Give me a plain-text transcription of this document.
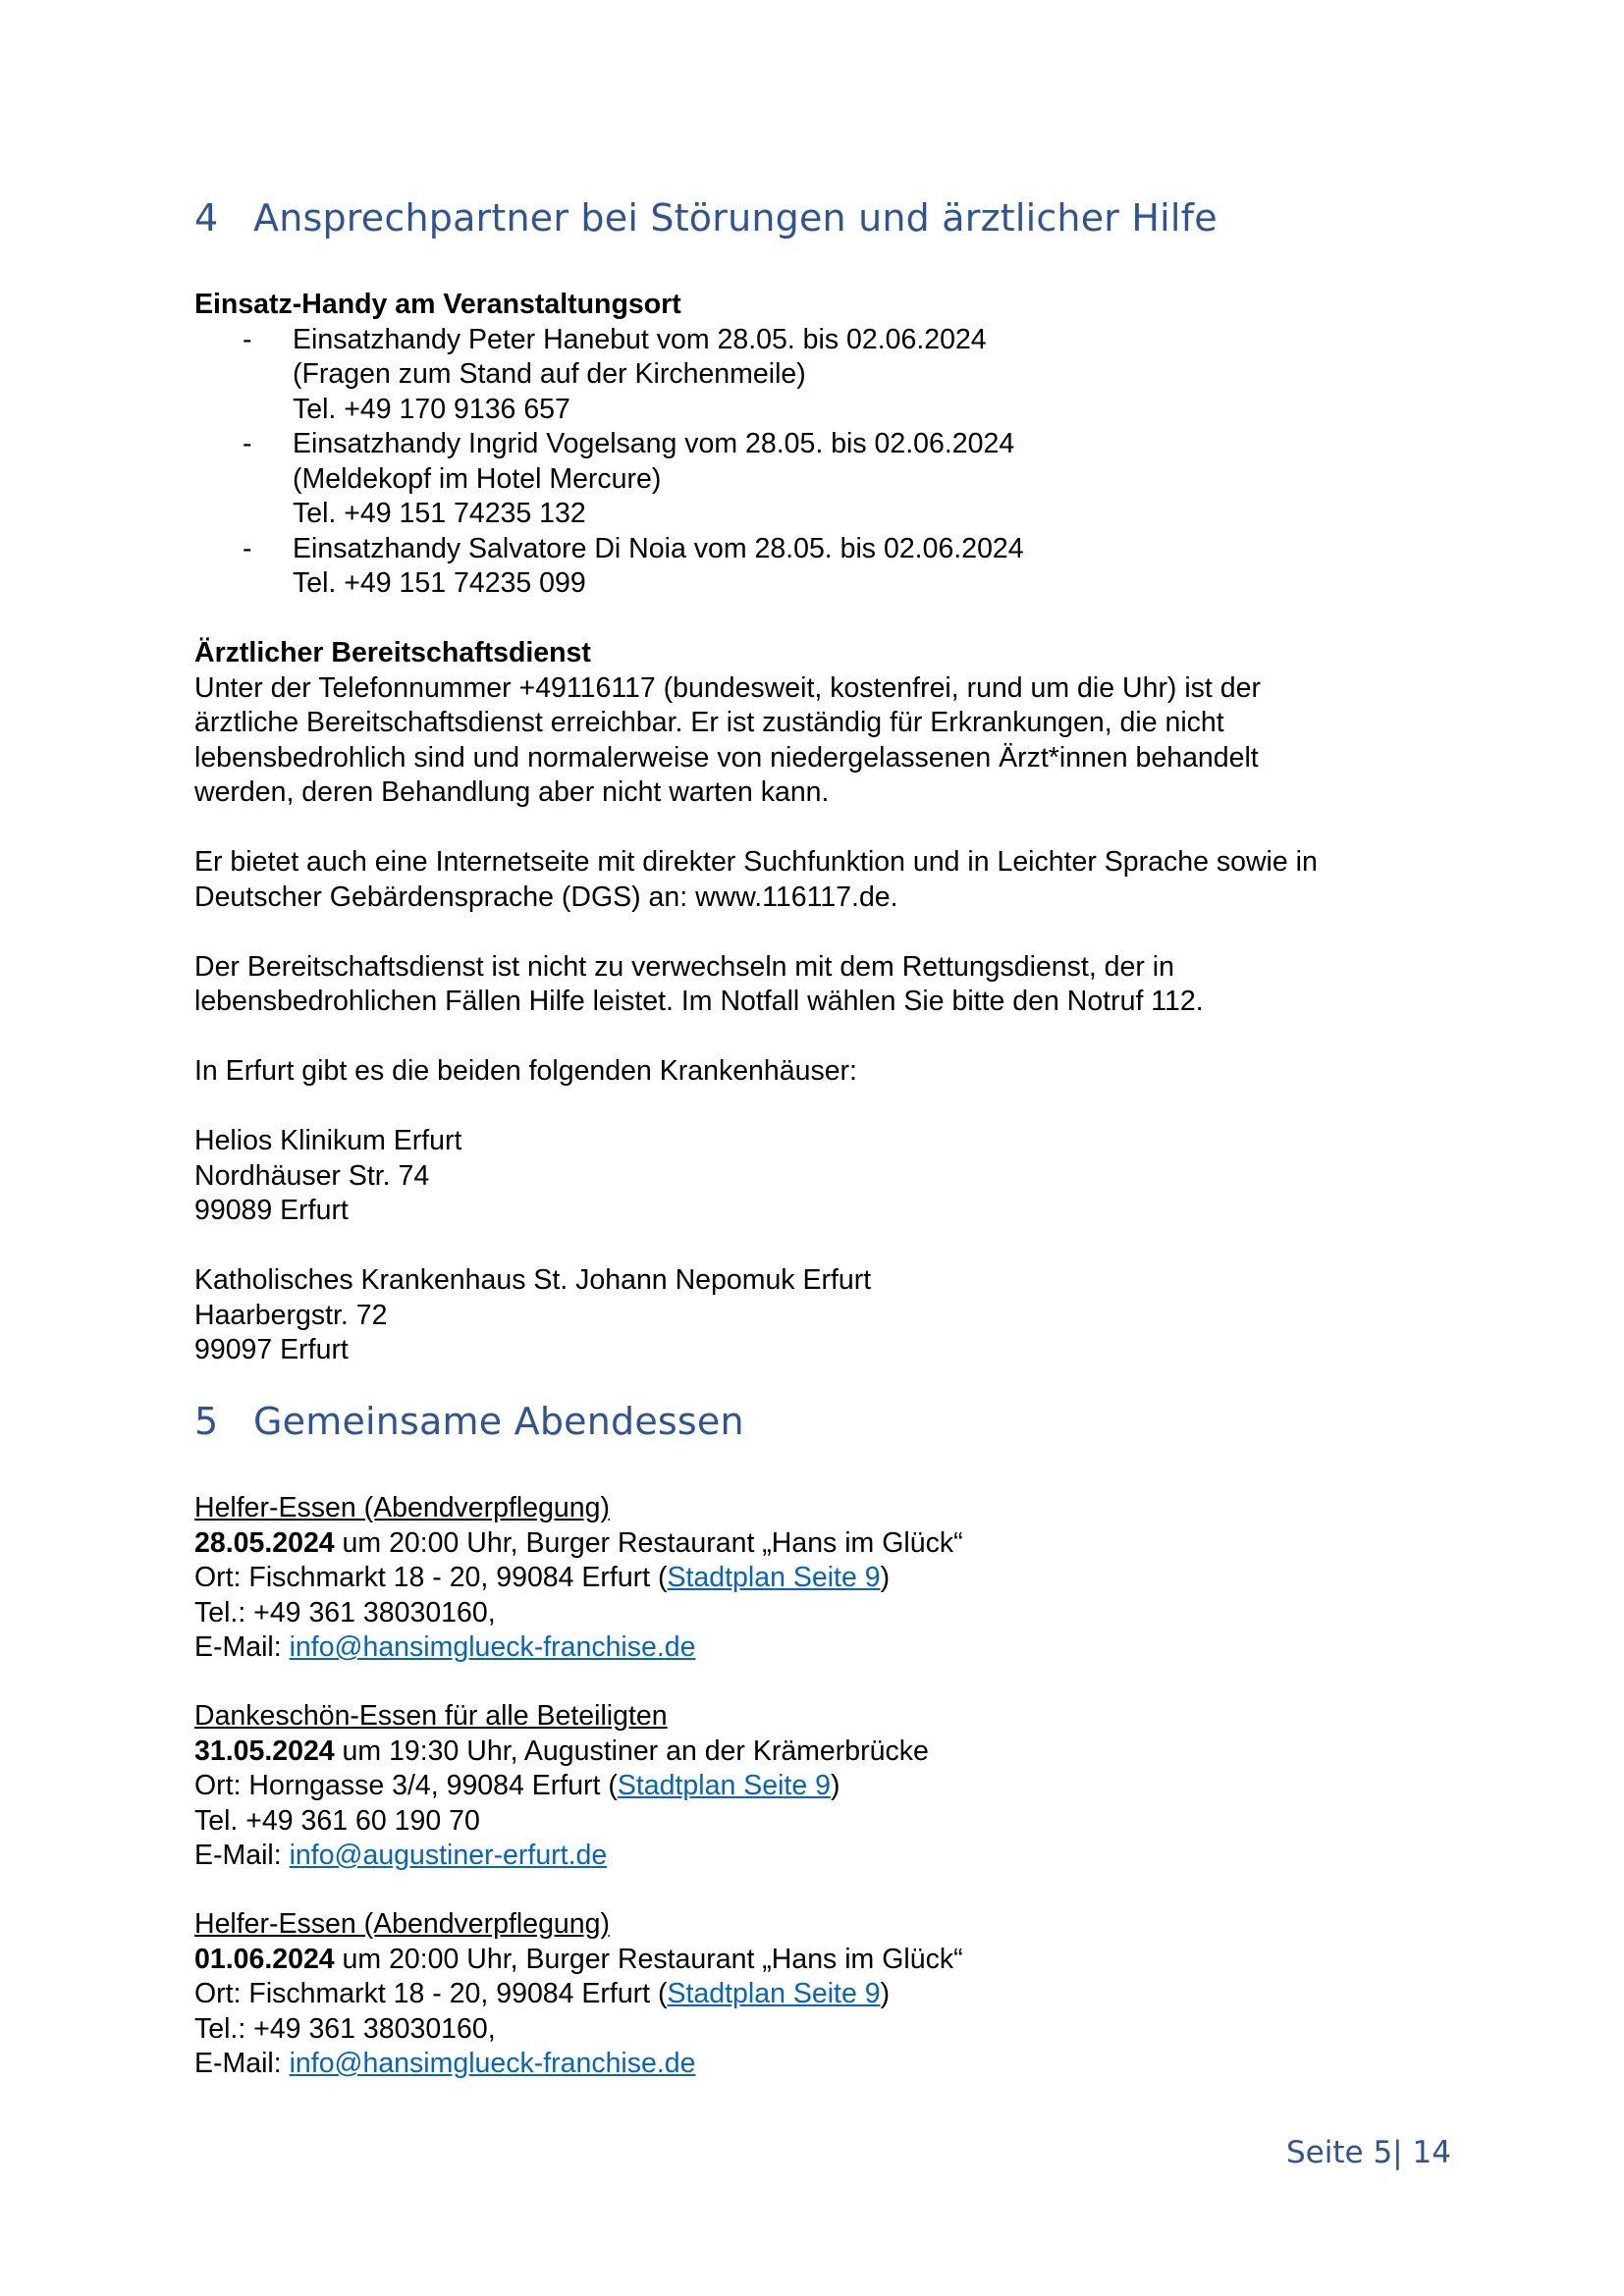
4 Ansprechpartner bei Störungen und ärztlicher Hilfe
Einsatz-Handy am Veranstaltungsort
- Einsatzhandy Peter Hanebut vom 28.05. bis 02.06.2024
(Fragen zum Stand auf der Kirchenmeile)
Tel. +49 170 9136 657
- Einsatzhandy Ingrid Vogelsang vom 28.05. bis 02.06.2024
(Meldekopf im Hotel Mercure)
Tel. +49 151 74235 132
- Einsatzhandy Salvatore Di Noia vom 28.05. bis 02.06.2024
Tel. +49 151 74235 099
Ärztlicher Bereitschaftsdienst
Unter der Telefonnummer +49116117 (bundesweit, kostenfrei, rund um die Uhr) ist der
ärztliche Bereitschaftsdienst erreichbar. Er ist zuständig für Erkrankungen, die nicht
lebensbedrohlich sind und normalerweise von niedergelassenen Ärzt*innen behandelt
werden, deren Behandlung aber nicht warten kann.
Er bietet auch eine Internetseite mit direkter Suchfunktion und in Leichter Sprache sowie in
Deutscher Gebärdensprache (DGS) an: www.116117.de.
Der Bereitschaftsdienst ist nicht zu verwechseln mit dem Rettungsdienst, der in
lebensbedrohlichen Fällen Hilfe leistet. Im Notfall wählen Sie bitte den Notruf 112.
In Erfurt gibt es die beiden folgenden Krankenhäuser:
Helios Klinikum Erfurt
Nordhäuser Str. 74
99089 Erfurt
Katholisches Krankenhaus St. Johann Nepomuk Erfurt
Haarbergstr. 72
99097 Erfurt
5 Gemeinsame Abendessen
Helfer-Essen (Abendverpflegung)
28.05.2024 um 20:00 Uhr, Burger Restaurant „Hans im Glück“
Ort: Fischmarkt 18 - 20, 99084 Erfurt (Stadtplan Seite 9)
Tel.: +49 361 38030160,
E-Mail: info@hansimglueck-franchise.de
Dankeschön-Essen für alle Beteiligten
31.05.2024 um 19:30 Uhr, Augustiner an der Krämerbrücke
Ort: Horngasse 3/4, 99084 Erfurt (Stadtplan Seite 9)
Tel. +49 361 60 190 70
E-Mail: info@augustiner-erfurt.de
Helfer-Essen (Abendverpflegung)
01.06.2024 um 20:00 Uhr, Burger Restaurant „Hans im Glück“
Ort: Fischmarkt 18 - 20, 99084 Erfurt (Stadtplan Seite 9)
Tel.: +49 361 38030160,
E-Mail: info@hansimglueck-franchise.de
Seite 5| 14
